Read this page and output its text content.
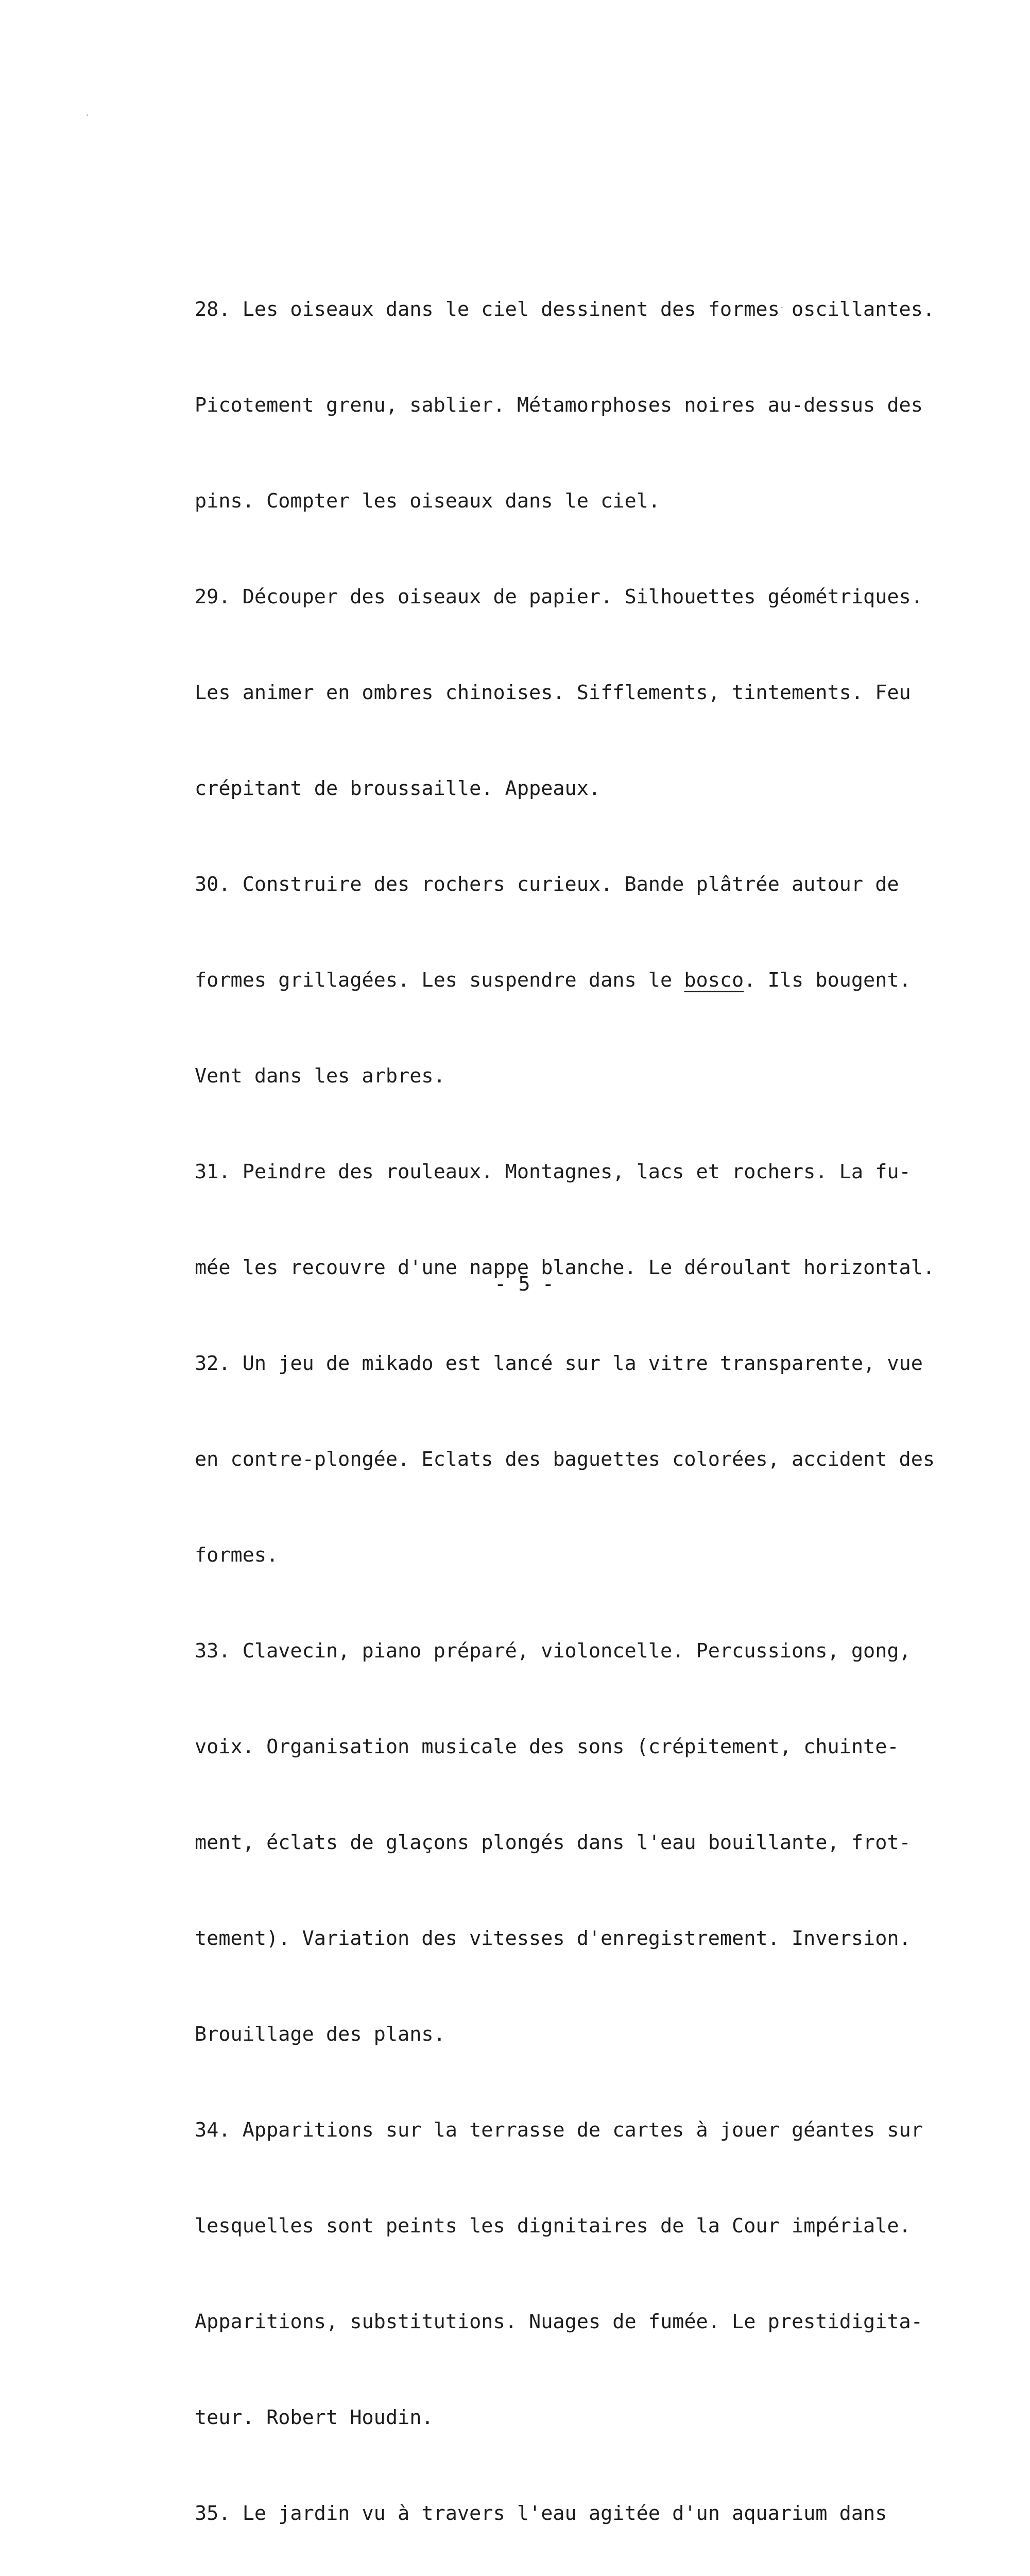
28. Les oiseaux dans le ciel dessinent des formes oscillantes.

Picotement grenu, sablier. Métamorphoses noires au-dessus des

pins. Compter les oiseaux dans le ciel.

29. Découper des oiseaux de papier. Silhouettes géométriques.

Les animer en ombres chinoises. Sifflements, tintements. Feu

crépitant de broussaille. Appeaux.

30. Construire des rochers curieux. Bande plâtrée autour de

formes grillagées. Les suspendre dans le bosco. Ils bougent.

Vent dans les arbres.

31. Peindre des rouleaux. Montagnes, lacs et rochers. La fu-

mée les recouvre d'une nappe blanche. Le déroulant horizontal.

32. Un jeu de mikado est lancé sur la vitre transparente, vue

en contre-plongée. Eclats des baguettes colorées, accident des

formes.

33. Clavecin, piano préparé, violoncelle. Percussions, gong,

voix. Organisation musicale des sons (crépitement, chuinte-

ment, éclats de glaçons plongés dans l'eau bouillante, frot-

tement). Variation des vitesses d'enregistrement. Inversion.

Brouillage des plans.

34. Apparitions sur la terrasse de cartes à jouer géantes sur

lesquelles sont peints les dignitaires de la Cour impériale.

Apparitions, substitutions. Nuages de fumée. Le prestidigita-

teur. Robert Houdin.

35. Le jardin vu à travers l'eau agitée d'un aquarium dans

- 5 -
